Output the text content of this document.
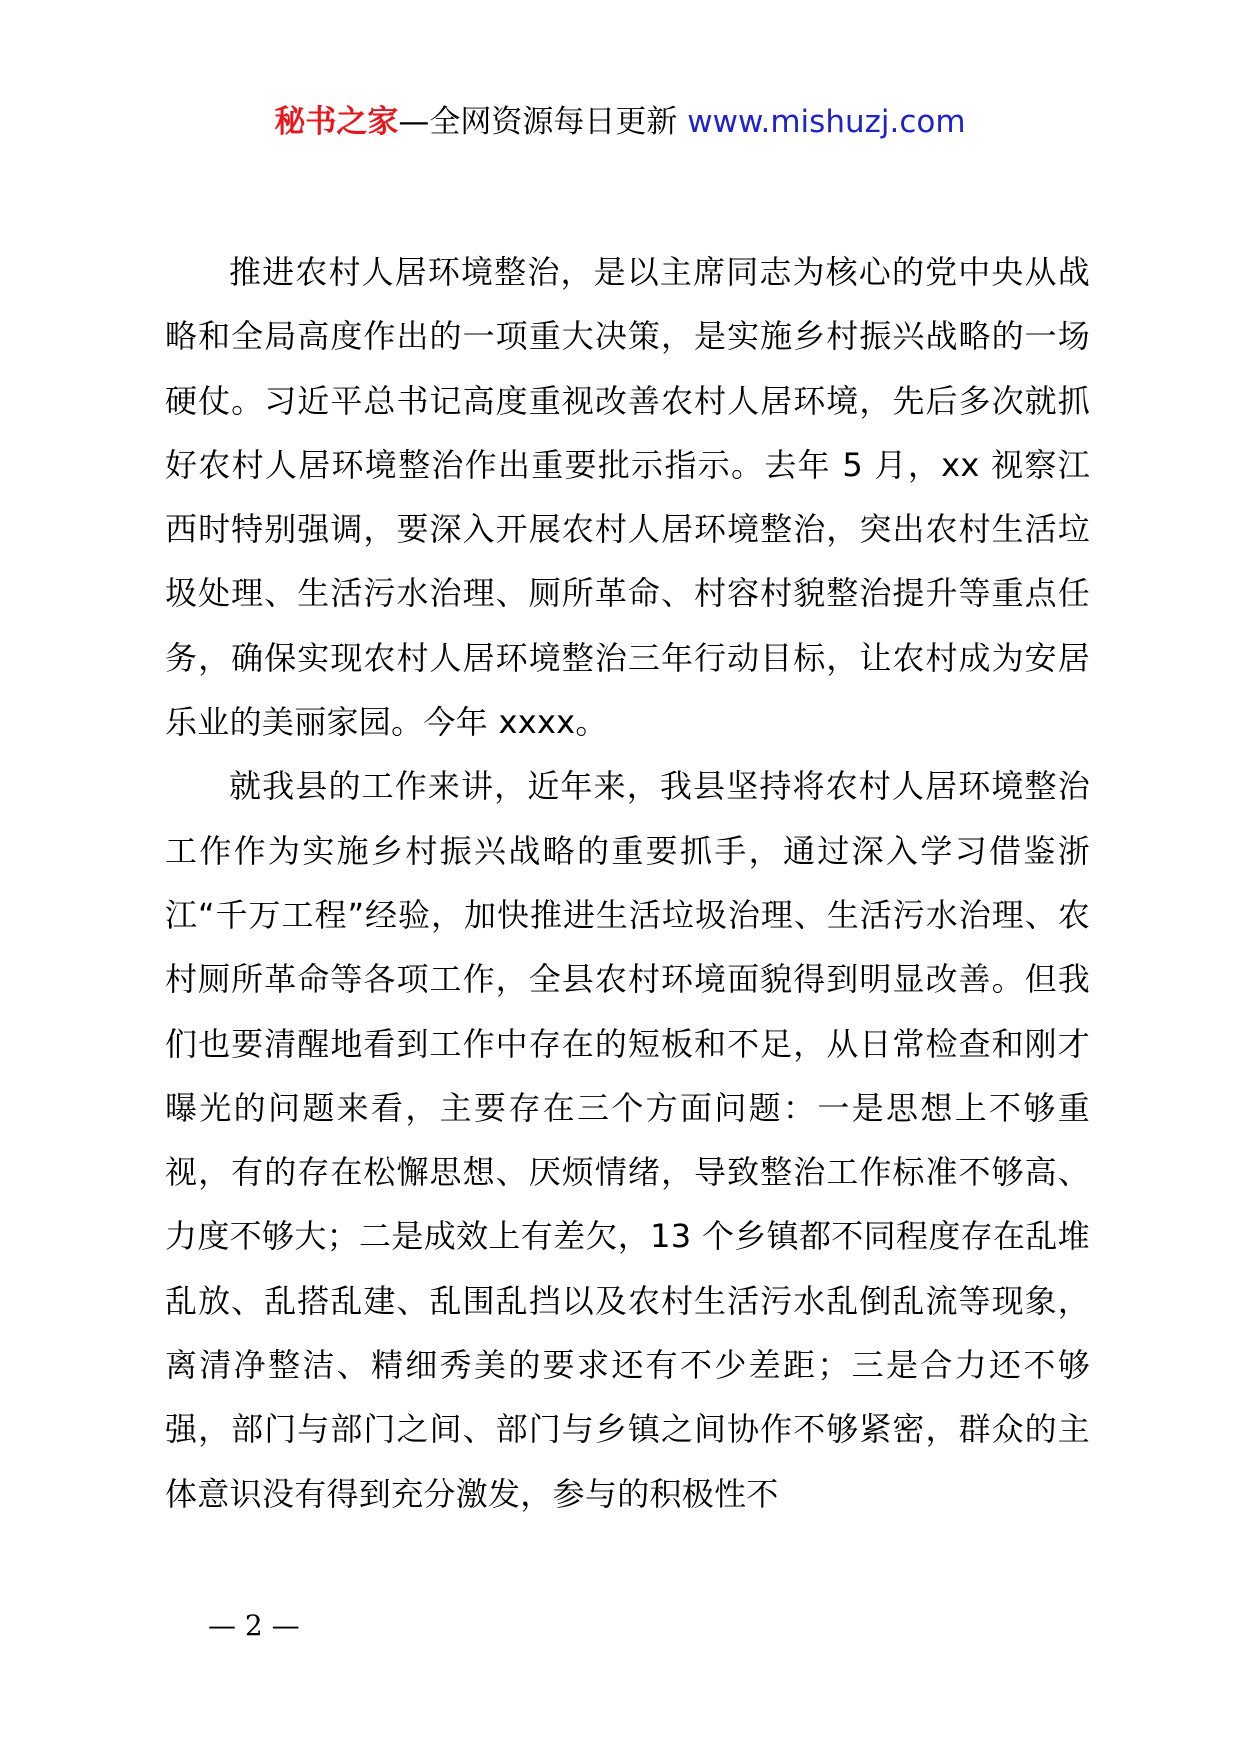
秘书之家—全网资源每日更新 www.mishuzj.com

推进农村人居环境整治，是以主席同志为核心的党中央从战略和全局高度作出的一项重大决策，是实施乡村振兴战略的一场硬仗。习近平总书记高度重视改善农村人居环境，先后多次就抓好农村人居环境整治作出重要批示指示。去年 5 月，xx 视察江西时特别强调，要深入开展农村人居环境整治，突出农村生活垃圾处理、生活污水治理、厕所革命、村容村貌整治提升等重点任务，确保实现农村人居环境整治三年行动目标，让农村成为安居乐业的美丽家园。今年 xxxx。

就我县的工作来讲，近年来，我县坚持将农村人居环境整治工作作为实施乡村振兴战略的重要抓手，通过深入学习借鉴浙江“千万工程”经验，加快推进生活垃圾治理、生活污水治理、农村厕所革命等各项工作，全县农村环境面貌得到明显改善。但我们也要清醒地看到工作中存在的短板和不足，从日常检查和刚才曝光的问题来看，主要存在三个方面问题：一是思想上不够重视，有的存在松懈思想、厌烦情绪，导致整治工作标准不够高、力度不够大；二是成效上有差欠，13 个乡镇都不同程度存在乱堆乱放、乱搭乱建、乱围乱挡以及农村生活污水乱倒乱流等现象，离清净整洁、精细秀美的要求还有不少差距；三是合力还不够强，部门与部门之间、部门与乡镇之间协作不够紧密，群众的主体意识没有得到充分激发，参与的积极性不

— 2 —
